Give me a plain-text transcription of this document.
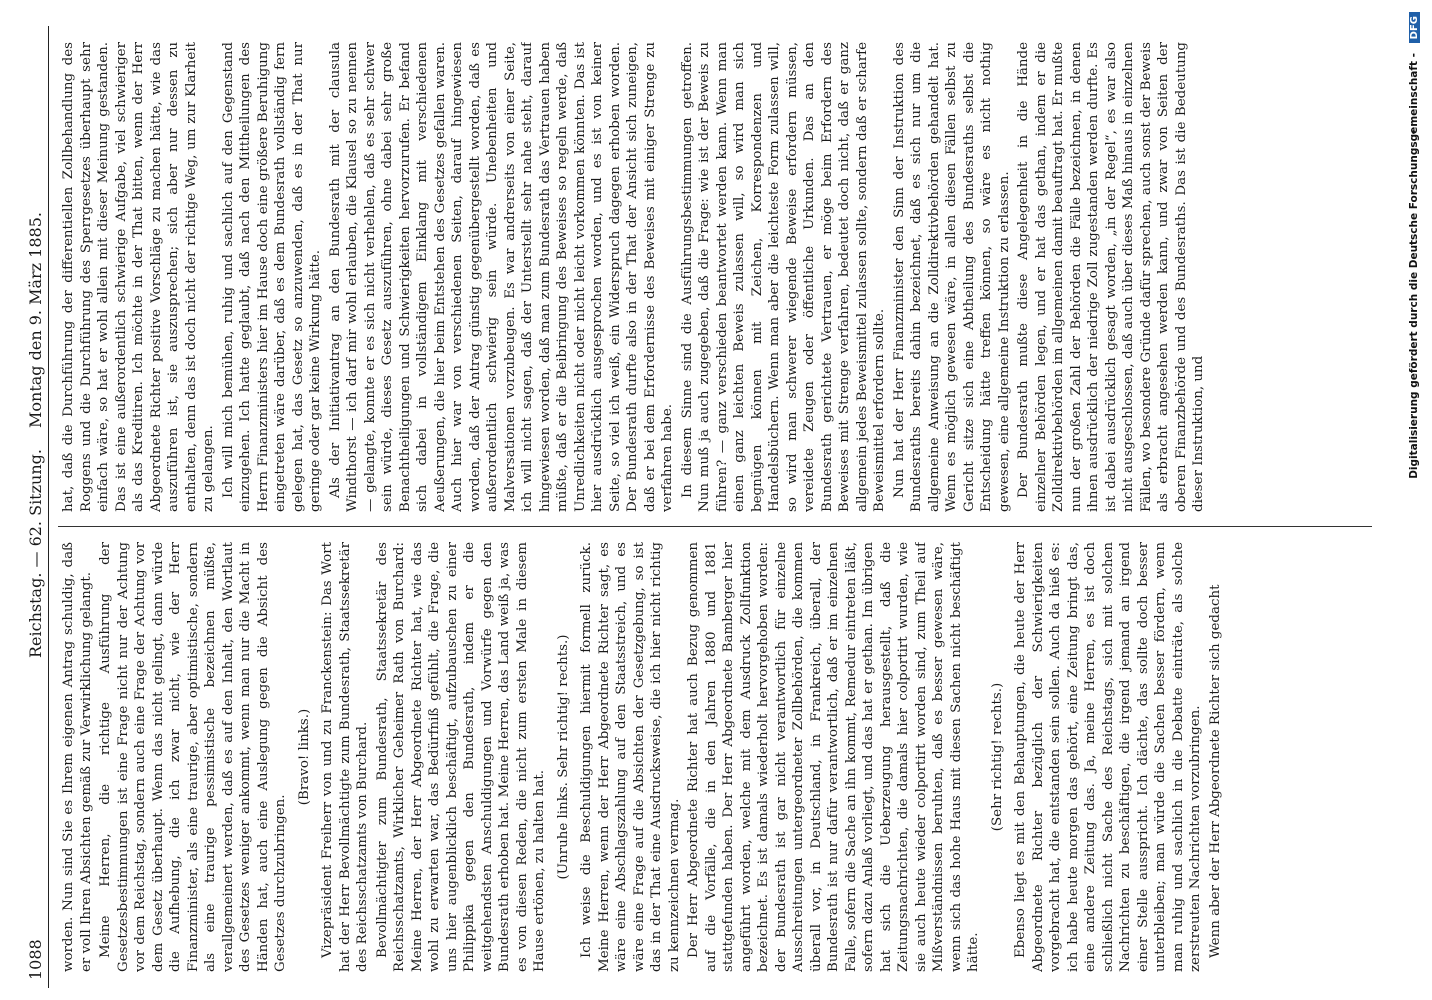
1088
Reichstag. — 62. Sitzung.
Montag den 9. März 1885.

worden. Nun sind Sie es Ihrem eigenen Antrag schuldig, daß er voll Ihren Absichten gemäß zur Verwirklichung gelangt. Meine Herren, die richtige Ausführung der Gesetzesbestimmungen ist eine Frage nicht nur der Achtung vor dem Reichstag, sondern auch eine Frage der Achtung vor dem Gesetz überhaupt. Wenn das nicht gelingt, dann würde die Aufhebung, die ich zwar nicht, wie der Herr Finanzminister, als eine traurige, aber optimistische, sondern als eine traurige pessimistische bezeichnen müßte, verallgemeinert werden, daß es auf den Inhalt, den Wortlaut des Gesetzes weniger ankommt, wenn man nur die Macht in Händen hat, auch eine Auslegung gegen die Absicht des Gesetzes durchzubringen.

(Bravo! links.) Vizepräsident Freiherr von und zu Franckenstein: Das Wort hat der Herr Bevollmächtigte zum Bundesrath, Staatssekretär des Reichsschatzamts von Burchard. Bevollmächtigter zum Bundesrath, Staatssekretär des Reichsschatzamts, Wirklicher Geheimer Rath von Burchard: Meine Herren, der Herr Abgeordnete Richter hat, wie das wohl zu erwarten war, das Bedürfniß gefühlt, die Frage, die uns hier augenblicklich beschäftigt, aufzubauschen zu einer Philippika gegen den Bundesrath, indem er die weitgehendsten Anschuldigungen und Vorwürfe gegen den Bundesrath erhoben hat. Meine Herren, das Land weiß ja, was es von diesen Reden, die nicht zum ersten Male in diesem Hause ertönen, zu halten hat. (Unruhe links. Sehr richtig! rechts.) Ich weise die Beschuldigungen hiermit formell zurück. Meine Herren, wenn der Herr Abgeordnete Richter sagt, es wäre eine Abschlagszahlung auf den Staatsstreich, und es wäre eine Frage auf die Absichten der Gesetzgebung, so ist das in der That eine Ausdrucksweise, die ich hier nicht richtig zu kennzeichnen vermag. Der Herr Abgeordnete Richter hat auch Bezug genommen auf die Vorfälle, die in den Jahren 1880 und 1881 stattgefunden haben. Der Herr Abgeordnete Bamberger hier angeführt worden, welche mit dem Ausdruck Zollfunktion bezeichnet. Es ist damals wiederholt hervorgehoben worden: der Bundesrath ist gar nicht verantwortlich für einzelne Ausschreitungen untergeordneter Zollbehörden, die kommen überall vor, in Deutschland, in Frankreich, überall, der Bundesrath ist nur dafür verantwortlich, daß er im einzelnen Falle, sofern die Sache an ihn kommt, Remedur eintreten läßt, sofern dazu Anlaß vorliegt, und das hat er gethan. Im übrigen hat sich die Ueberzeugung herausgestellt, daß die Zeitungsnachrichten, die damals hier colportirt wurden, wie sie auch heute wieder colportirt worden sind, zum Theil auf Mißverständnissen beruhten, daß es besser gewesen wäre, wenn sich das hohe Haus mit diesen Sachen nicht beschäftigt hätte.

(Sehr richtig! rechts.) Ebenso liegt es mit den Behauptungen, die heute der Herr Abgeordnete Richter bezüglich der Schwierigkeiten vorgebracht hat, die entstanden sein sollen. Auch da hieß es: ich habe heute morgen das gehört, eine Zeitung bringt das, eine andere Zeitung das. Ja, meine Herren, es ist doch schließlich nicht Sache des Reichstags, sich mit solchen Nachrichten zu beschäftigen, die irgend jemand an irgend einer Stelle ausspricht. Ich dächte, das sollte doch besser unterbleiben; man würde die Sachen besser fördern, wenn man ruhig und sachlich in die Debatte einträte, als solche zerstreuten Nachrichten vorzubringen. Wenn aber der Herr Abgeordnete Richter sich gedacht

hat, daß die Durchführung der differentiellen Zollbehandlung des Roggens und die Durchführung des Sperrgesetzes überhaupt sehr einfach wäre, so hat er wohl allein mit dieser Meinung gestanden. Das ist eine außerordentlich schwierige Aufgabe, viel schwieriger als das Kreditiren. Ich möchte in der That bitten, wenn der Herr Abgeordnete Richter positive Vorschläge zu machen hätte, wie das auszuführen ist, sie auszusprechen; sich aber nur dessen zu enthalten, denn das ist doch nicht der richtige Weg, um zur Klarheit zu gelangen. Ich will mich bemühen, ruhig und sachlich auf den Gegenstand einzugehen. Ich hatte geglaubt, daß nach den Mittheilungen des Herrn Finanzministers hier im Hause doch eine größere Beruhigung eingetreten wäre darüber, daß es dem Bundesrath vollständig fern gelegen hat, das Gesetz so anzuwenden, daß es in der That nur geringe oder gar keine Wirkung hätte. Als der Initiativantrag an den Bundesrath mit der clausula Windthorst — ich darf mir wohl erlauben, die Klausel so zu nennen — gelangte, konnte er es sich nicht verhehlen, daß es sehr schwer sein würde, dieses Gesetz auszuführen, ohne dabei sehr große Benachtheiligungen und Schwierigkeiten hervorzurufen. Er befand sich dabei in vollständigem Einklang mit verschiedenen Aeußerungen, die hier beim Entstehen des Gesetzes gefallen waren. Auch hier war von verschiedenen Seiten, darauf hingewiesen worden, daß der Antrag günstig gegenübergestellt worden, daß es außerordentlich schwierig sein würde. Unebenheiten und Malversationen vorzubeugen. Es war andrerseits von einer Seite, ich will nicht sagen, daß der Unterstellt sehr nahe steht, darauf hingewiesen worden, daß man zum Bundesrath das Vertrauen haben müßte, daß er die Beibringung des Beweises so regeln werde, daß Unredlichkeiten nicht oder nicht leicht vorkommen könnten. Das ist hier ausdrücklich ausgesprochen worden, und es ist von keiner Seite, so viel ich weiß, ein Widerspruch dagegen erhoben worden. Der Bundesrath durfte also in der That der Ansicht sich zuneigen, daß er bei dem Erfordernisse des Beweises mit einiger Strenge zu verfahren habe. In diesem Sinne sind die Ausführungsbestimmungen getroffen. Nun muß ja auch zugegeben, daß die Frage: wie ist der Beweis zu führen? — ganz verschieden beantwortet werden kann. Wenn man einen ganz leichten Beweis zulassen will, so wird man sich begnügen können mit Zeichen, Korrespondenzen und Handelsbüchern. Wenn man aber die leichteste Form zulassen will, so wird man schwerer wiegende Beweise erfordern müssen, vereidete Zeugen oder öffentliche Urkunden. Das an den Bundesrath gerichtete Vertrauen, er möge beim Erfordern des Beweises mit Strenge verfahren, bedeutet doch nicht, daß er ganz allgemein jedes Beweismittel zulassen sollte, sondern daß er scharfe Beweismittel erfordern sollte. Nun hat der Herr Finanzminister den Sinn der Instruktion des Bundesraths bereits dahin bezeichnet, daß es sich nur um die allgemeine Anweisung an die Zolldirektivbehörden gehandelt hat. Wenn es möglich gewesen wäre, in allen diesen Fällen selbst zu Gericht sitze sich eine Abtheilung des Bundesraths selbst die Entscheidung hätte treffen können, so wäre es nicht nothig gewesen, eine allgemeine Instruktion zu erlassen. Der Bundesrath mußte diese Angelegenheit in die Hände einzelner Behörden legen, und er hat das gethan, indem er die Zolldirektivbehörden im allgemeinen damit beauftragt hat. Er mußte nun der großen Zahl der Behörden die Fälle bezeichnen, in denen ihnen ausdrücklich der niedrige Zoll zugestanden werden durfte. Es ist dabei ausdrücklich gesagt worden, „in der Regel“, es war also nicht ausgeschlossen, daß auch über dieses Maß hinaus in einzelnen Fällen, wo besondere Gründe dafür sprechen, auch sonst der Beweis als erbracht angesehen werden kann, und zwar von Seiten der oberen Finanzbehörde und des Bundesraths. Das ist die Bedeutung dieser Instruktion, und	Digitalisierung gefördert durch die Deutsche Forschungsgemeinschaft - DFG
